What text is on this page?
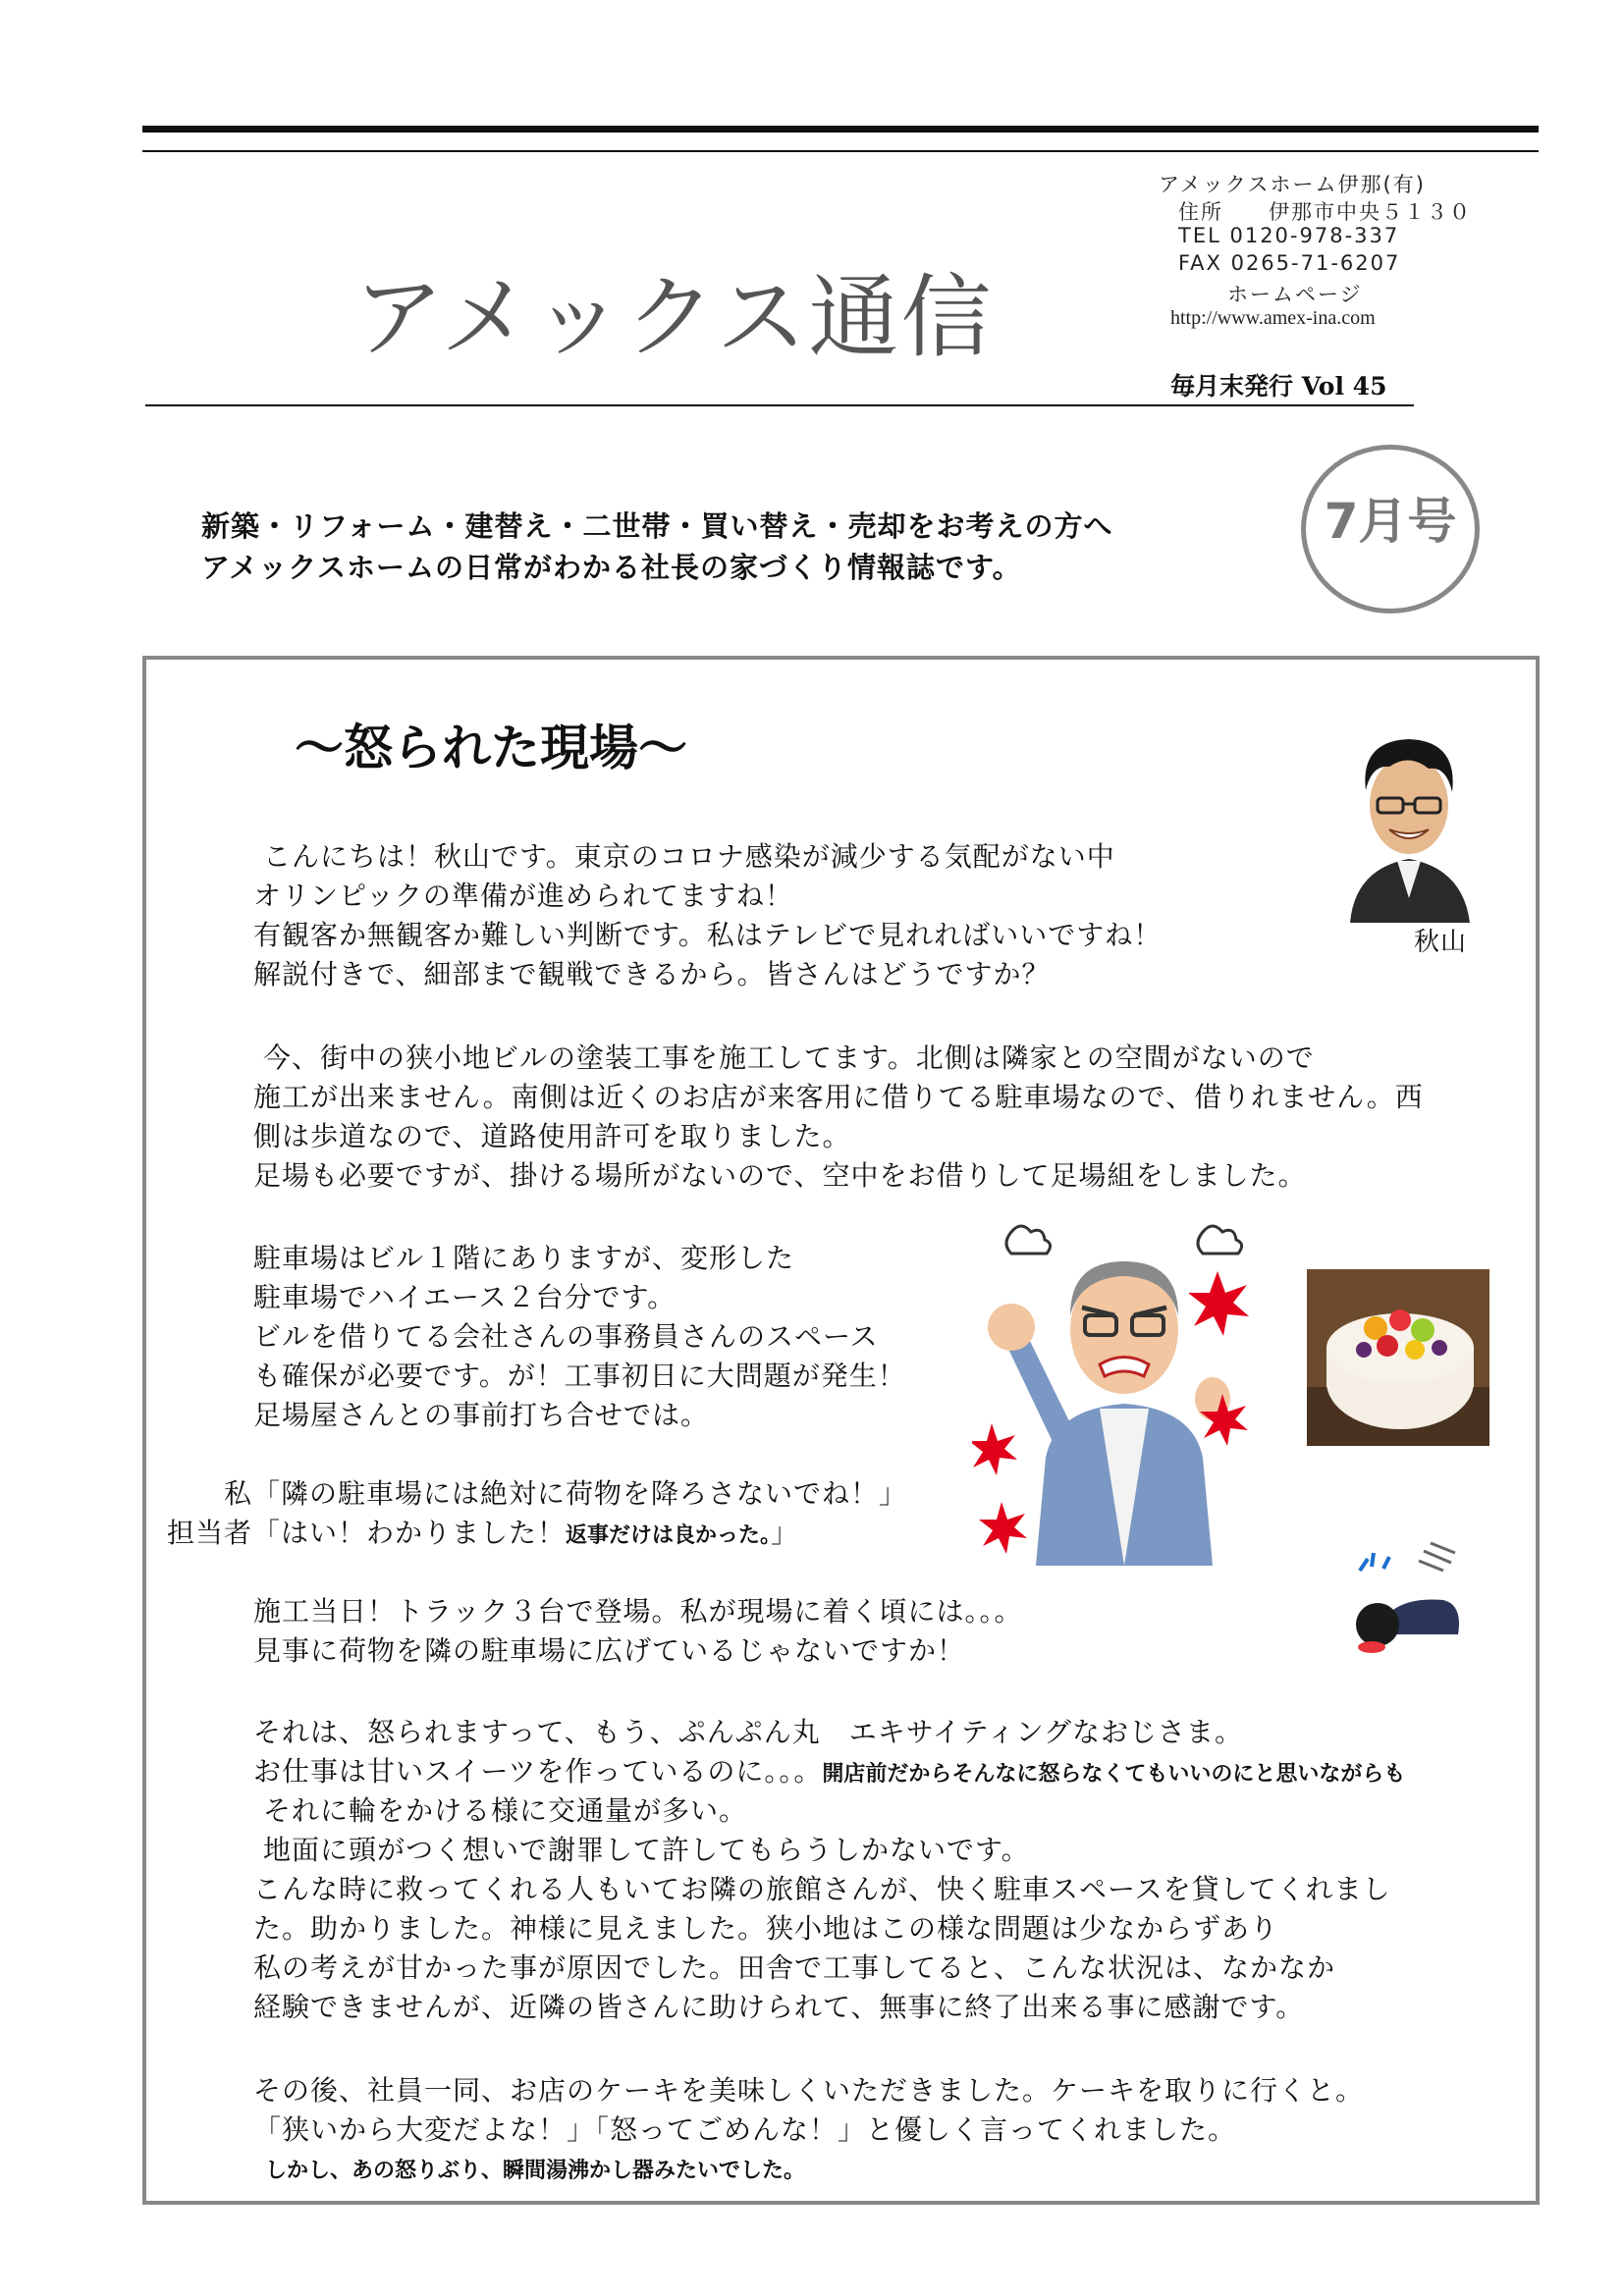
アメックス通信
アメックスホーム伊那(有)
住所　　伊那市中央５１３０
TEL 0120-978-337
FAX 0265-71-6207
ホームページ
http://www.amex-ina.com
毎月末発行 Vol 45
新築・リフォーム・建替え・二世帯・買い替え・売却をお考えの方へ
アメックスホームの日常がわかる社長の家づくり情報誌です。
7月号
～怒られた現場～
秋山
こんにちは！秋山です。東京のコロナ感染が減少する気配がない中
オリンピックの準備が進められてますね！
有観客か無観客か難しい判断です。私はテレビで見れればいいですね！
解説付きで、細部まで観戦できるから。皆さんはどうですか？
今、街中の狭小地ビルの塗装工事を施工してます。北側は隣家との空間がないので
施工が出来ません。南側は近くのお店が来客用に借りてる駐車場なので、借りれません。西
側は歩道なので、道路使用許可を取りました。
足場も必要ですが、掛ける場所がないので、空中をお借りして足場組をしました。
駐車場はビル１階にありますが、変形した
駐車場でハイエース２台分です。
ビルを借りてる会社さんの事務員さんのスペース
も確保が必要です。が！工事初日に大問題が発生！
足場屋さんとの事前打ち合せでは。
私「隣の駐車場には絶対に荷物を降ろさないでね！」
担当者「はい！わかりました！返事だけは良かった。」
施工当日！トラック３台で登場。私が現場に着く頃には。。。
見事に荷物を隣の駐車場に広げているじゃないですか！
それは、怒られますって、もう、ぷんぷん丸　エキサイティングなおじさま。
お仕事は甘いスイーツを作っているのに。。。開店前だからそんなに怒らなくてもいいのにと思いながらも
それに輪をかける様に交通量が多い。
地面に頭がつく想いで謝罪して許してもらうしかないです。
こんな時に救ってくれる人もいてお隣の旅館さんが、快く駐車スペースを貸してくれまし
た。助かりました。神様に見えました。狭小地はこの様な問題は少なからずあり
私の考えが甘かった事が原因でした。田舎で工事してると、こんな状況は、なかなか
経験できませんが、近隣の皆さんに助けられて、無事に終了出来る事に感謝です。
その後、社員一同、お店のケーキを美味しくいただきました。ケーキを取りに行くと。
「狭いから大変だよな！」「怒ってごめんな！」と優しく言ってくれました。
しかし、あの怒りぶり、瞬間湯沸かし器みたいでした。
